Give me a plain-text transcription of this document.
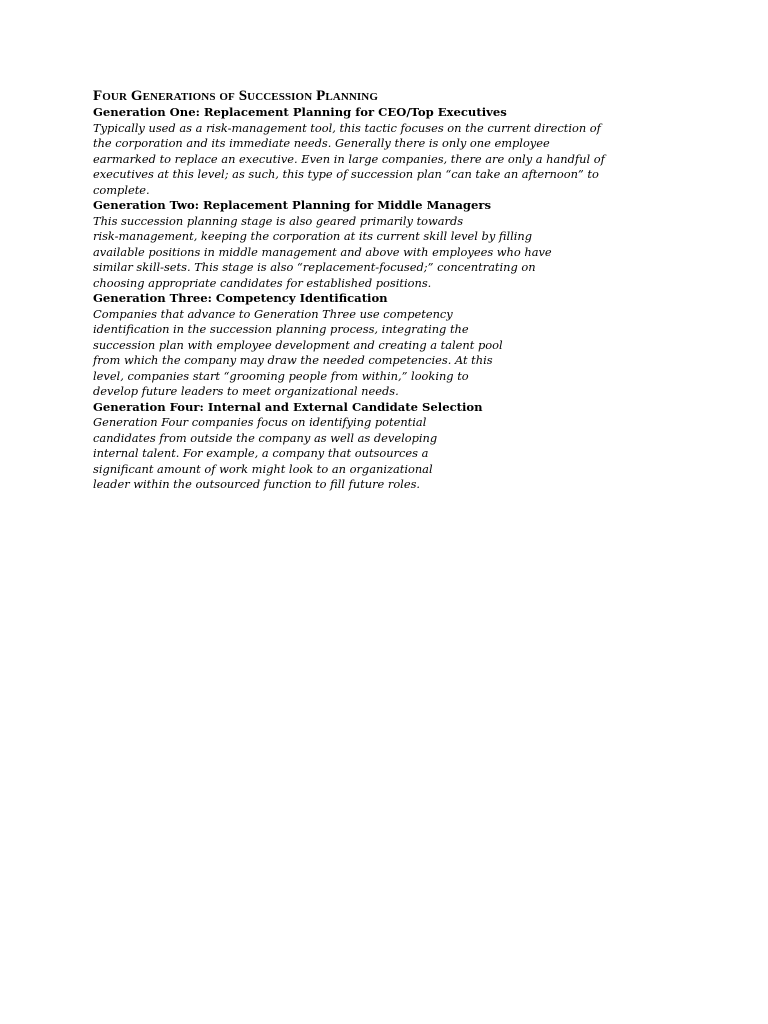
Four Generations of Succession Planning
Generation One: Replacement Planning for CEO/Top Executives

Typically used as a risk-management tool, this tactic focuses on the current direction of
the corporation and its immediate needs. Generally there is only one employee
earmarked to replace an executive. Even in large companies, there are only a handful of
executives at this level; as such, this type of succession plan “can take an afternoon” to
complete.

Generation Two: Replacement Planning for Middle Managers

This succession planning stage is also geared primarily towards
risk-management, keeping the corporation at its current skill level by filling
available positions in middle management and above with employees who have
similar skill-sets. This stage is also “replacement-focused;” concentrating on
choosing appropriate candidates for established positions.

Generation Three: Competency Identification

Companies that advance to Generation Three use competency
identification in the succession planning process, integrating the
succession plan with employee development and creating a talent pool
from which the company may draw the needed competencies. At this
level, companies start “grooming people from within,” looking to
develop future leaders to meet organizational needs.

Generation Four: Internal and External Candidate Selection

Generation Four companies focus on identifying potential
candidates from outside the company as well as developing
internal talent. For example, a company that outsources a
significant amount of work might look to an organizational
leader within the outsourced function to fill future roles.
